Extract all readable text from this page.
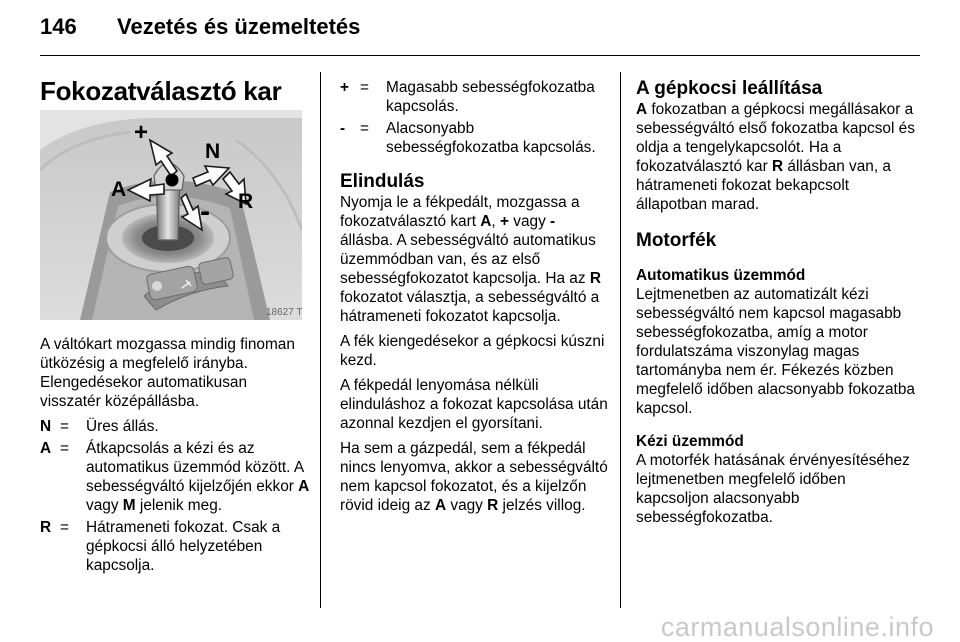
146 Vezetés és üzemeltetés
Fokozatválasztó kar
+
N
A
R
-
18627 T

A váltókart mozgassa mindig finoman ütközésig a megfelelő irányba. Elengedésekor automatikusan visszatér középállásba.

N = Üres állás.
A = Átkapcsolás a kézi és az automatikus üzemmód között. A sebességváltó kijelzőjén ekkor A vagy M jelenik meg.
R = Hátrameneti fokozat. Csak a gépkocsi álló helyzetében kapcsolja.
+ = Magasabb sebességfokozatba kapcsolás.
- = Alacsonyabb sebességfokozatba kapcsolás.
Elindulás

Nyomja le a fékpedált, mozgassa a fokozatválasztó kart A, + vagy - állásba. A sebességváltó automatikus üzemmódban van, és az első sebességfokozatot kapcsolja. Ha az R fokozatot választja, a sebességváltó a hátrameneti fokozatot kapcsolja.

A fék kiengedésekor a gépkocsi kúszni kezd.

A fékpedál lenyomása nélküli elinduláshoz a fokozat kapcsolása után azonnal kezdjen el gyorsítani.

Ha sem a gázpedál, sem a fékpedál nincs lenyomva, akkor a sebességváltó nem kapcsol fokozatot, és a kijelzőn rövid ideig az A vagy R jelzés villog.

A gépkocsi leállítása

A fokozatban a gépkocsi megállásakor a sebességváltó első fokozatba kapcsol és oldja a tengelykapcsolót. Ha a fokozatválasztó kar R állásban van, a hátrameneti fokozat bekapcsolt állapotban marad.

Motorfék
Automatikus üzemmód

Lejtmenetben az automatizált kézi sebességváltó nem kapcsol magasabb sebességfokozatba, amíg a motor fordulatszáma viszonylag magas tartományba nem ér. Fékezés közben megfelelő időben alacsonyabb fokozatba kapcsol.

Kézi üzemmód

A motorfék hatásának érvényesítéséhez lejtmenetben megfelelő időben kapcsoljon alacsonyabb sebességfokozatba.

carmanualsonline.info
